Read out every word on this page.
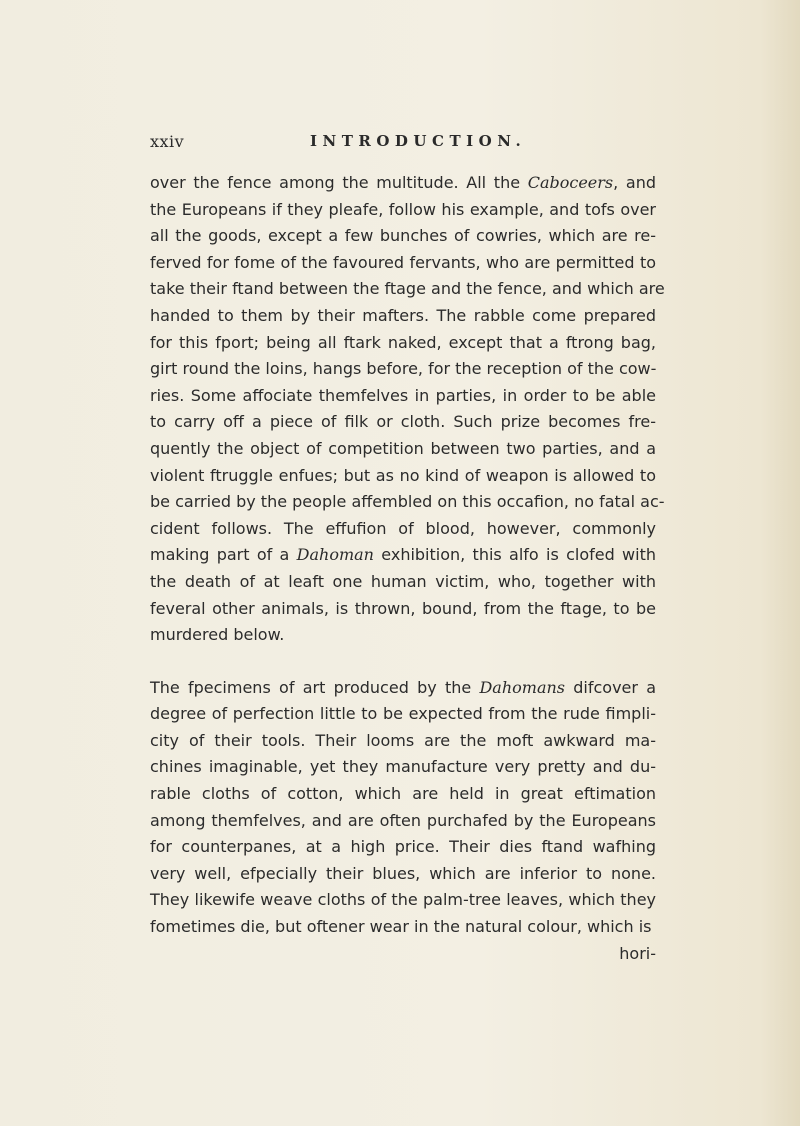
xxiv	INTRODUCTION.

over the fence among the multitude. All the Caboceers, and
the Europeans if they pleafe, follow his example, and tofs over
all the goods, except a few bunches of cowries, which are re-
ferved for fome of the favoured fervants, who are permitted to
take their ftand between the ftage and the fence, and which are
handed to them by their mafters. The rabble come prepared
for this fport; being all ftark naked, except that a ftrong bag,
girt round the loins, hangs before, for the reception of the cow-
ries. Some affociate themfelves in parties, in order to be able
to carry off a piece of filk or cloth. Such prize becomes fre-
quently the object of competition between two parties, and a
violent ftruggle enfues; but as no kind of weapon is allowed to
be carried by the people affembled on this occafion, no fatal ac-
cident follows. The effufion of blood, however, commonly
making part of a Dahoman exhibition, this alfo is clofed with
the death of at leaft one human victim, who, together with
feveral other animals, is thrown, bound, from the ftage, to be
murdered below.

The fpecimens of art produced by the Dahomans difcover a
degree of perfection little to be expected from the rude fimpli-
city of their tools. Their looms are the moft awkward ma-
chines imaginable, yet they manufacture very pretty and du-
rable cloths of cotton, which are held in great eftimation
among themfelves, and are often purchafed by the Europeans
for counterpanes, at a high price. Their dies ftand wafhing
very well, efpecially their blues, which are inferior to none.
They likewife weave cloths of the palm-tree leaves, which they
fometimes die, but oftener wear in the natural colour, which is

hori-
